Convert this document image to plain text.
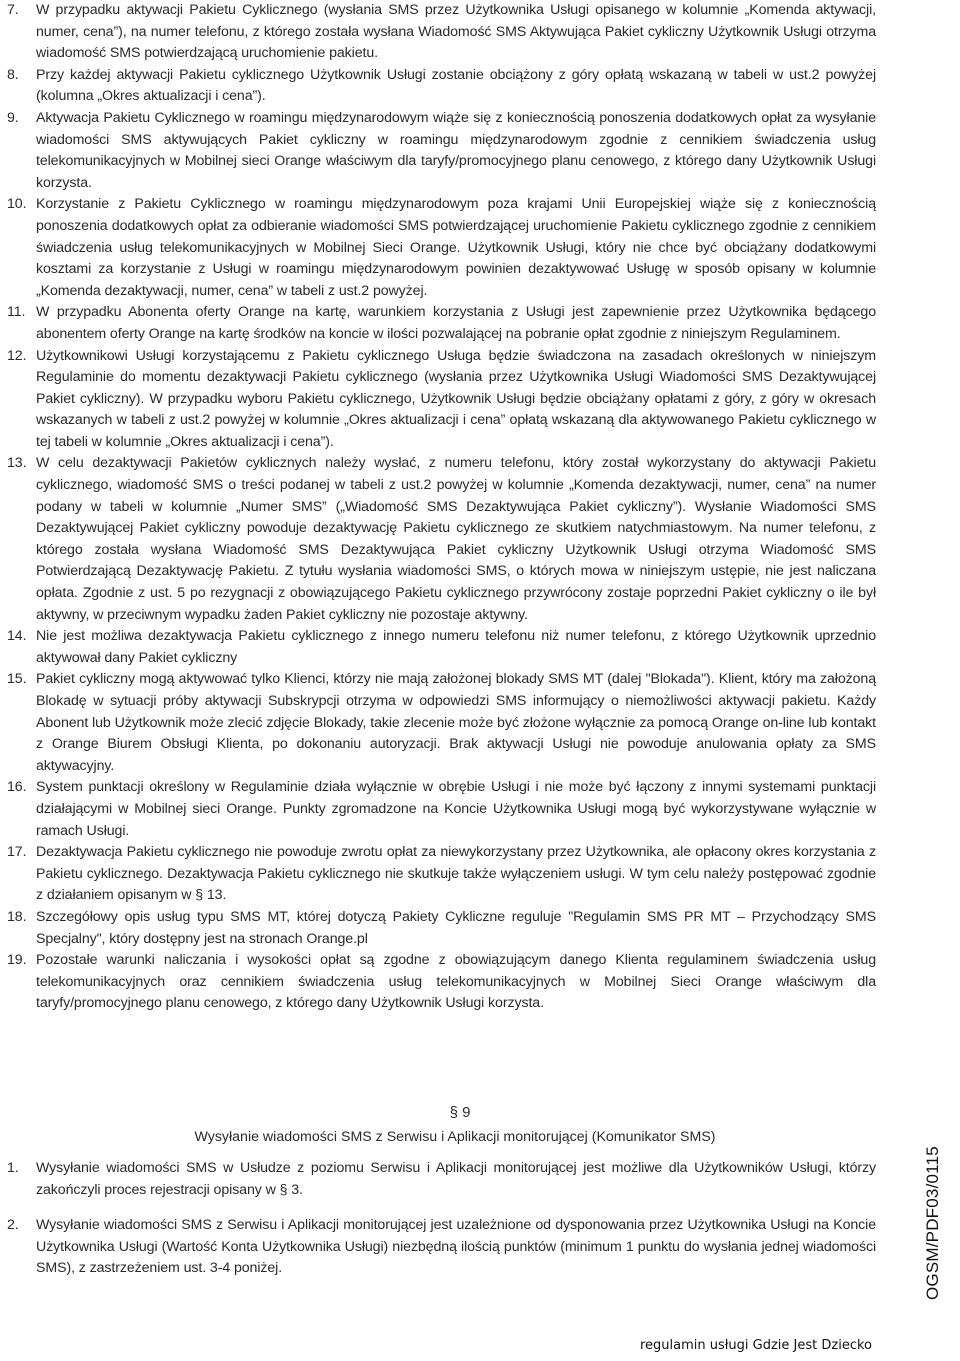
7. W przypadku aktywacji Pakietu Cyklicznego (wysłania SMS przez Użytkownika Usługi opisanego w kolumnie „Komenda aktywacji, numer, cena”), na numer telefonu, z którego została wysłana Wiadomość SMS Aktywująca Pakiet cykliczny Użytkownik Usługi otrzyma wiadomość SMS potwierdzającą uruchomienie pakietu.
8. Przy każdej aktywacji Pakietu cyklicznego Użytkownik Usługi zostanie obciążony z góry opłatą wskazaną w tabeli w ust.2 powyżej (kolumna „Okres aktualizacji i cena”).
9. Aktywacja Pakietu Cyklicznego w roamingu międzynarodowym wiąże się z koniecznością ponoszenia dodatkowych opłat za wysyłanie wiadomości SMS aktywujących Pakiet cykliczny w roamingu międzynarodowym zgodnie z cennikiem świadczenia usług telekomunikacyjnych w Mobilnej sieci Orange właściwym dla taryfy/promocyjnego planu cenowego, z którego dany Użytkownik Usługi korzysta.
10. Korzystanie z Pakietu Cyklicznego w roamingu międzynarodowym poza krajami Unii Europejskiej wiąże się z koniecznością ponoszenia dodatkowych opłat za odbieranie wiadomości SMS potwierdzającej uruchomienie Pakietu cyklicznego zgodnie z cennikiem świadczenia usług telekomunikacyjnych w Mobilnej Sieci Orange. Użytkownik Usługi, który nie chce być obciążany dodatkowymi kosztami za korzystanie z Usługi w roamingu międzynarodowym powinien dezaktywować Usługę w sposób opisany w kolumnie „Komenda dezaktywacji, numer, cena” w tabeli z ust.2 powyżej.
11. W przypadku Abonenta oferty Orange na kartę, warunkiem korzystania z Usługi jest zapewnienie przez Użytkownika będącego abonentem oferty Orange na kartę środków na koncie w ilości pozwalającej na pobranie opłat zgodnie z niniejszym Regulaminem.
12. Użytkownikowi Usługi korzystającemu z Pakietu cyklicznego Usługa będzie świadczona na zasadach określonych w niniejszym Regulaminie do momentu dezaktywacji Pakietu cyklicznego (wysłania przez Użytkownika Usługi Wiadomości SMS Dezaktywującej Pakiet cykliczny). W przypadku wyboru Pakietu cyklicznego, Użytkownik Usługi będzie obciążany opłatami z góry, z góry w okresach wskazanych w tabeli z ust.2 powyżej w kolumnie „Okres aktualizacji i cena” opłatą wskazaną dla aktywowanego Pakietu cyklicznego w tej tabeli w kolumnie „Okres aktualizacji i cena”).
13. W celu dezaktywacji Pakietów cyklicznych należy wysłać, z numeru telefonu, który został wykorzystany do aktywacji Pakietu cyklicznego, wiadomość SMS o treści podanej w tabeli z ust.2 powyżej w kolumnie „Komenda dezaktywacji, numer, cena” na numer podany w tabeli w kolumnie „Numer SMS” („Wiadomość SMS Dezaktywująca Pakiet cykliczny”). Wysłanie Wiadomości SMS Dezaktywującej Pakiet cykliczny powoduje dezaktywację Pakietu cyklicznego ze skutkiem natychmiastowym. Na numer telefonu, z którego została wysłana Wiadomość SMS Dezaktywująca Pakiet cykliczny Użytkownik Usługi otrzyma Wiadomość SMS Potwierdzającą Dezaktywację Pakietu. Z tytułu wysłania wiadomości SMS, o których mowa w niniejszym ustępie, nie jest naliczana opłata. Zgodnie z ust. 5 po rezygnacji z obowiązującego Pakietu cyklicznego przywrócony zostaje poprzedni Pakiet cykliczny o ile był aktywny, w przeciwnym wypadku żaden Pakiet cykliczny nie pozostaje aktywny.
14. Nie jest możliwa dezaktywacja Pakietu cyklicznego z innego numeru telefonu niż numer telefonu, z którego Użytkownik uprzednio aktywował dany Pakiet cykliczny
15. Pakiet cykliczny mogą aktywować tylko Klienci, którzy nie mają założonej blokady SMS MT (dalej "Blokada"). Klient, który ma założoną Blokadę w sytuacji próby aktywacji Subskrypcji otrzyma w odpowiedzi SMS informujący o niemożliwości aktywacji pakietu. Każdy Abonent lub Użytkownik może zlecić zdjęcie Blokady, takie zlecenie może być złożone wyłącznie za pomocą Orange on-line lub kontakt z Orange Biurem Obsługi Klienta, po dokonaniu autoryzacji. Brak aktywacji Usługi nie powoduje anulowania opłaty za SMS aktywacyjny.
16. System punktacji określony w Regulaminie działa wyłącznie w obrębie Usługi i nie może być łączony z innymi systemami punktacji działającymi w Mobilnej sieci Orange. Punkty zgromadzone na Koncie Użytkownika Usługi mogą być wykorzystywane wyłącznie w ramach Usługi.
17. Dezaktywacja Pakietu cyklicznego nie powoduje zwrotu opłat za niewykorzystany przez Użytkownika, ale opłacony okres korzystania z Pakietu cyklicznego. Dezaktywacja Pakietu cyklicznego nie skutkuje także wyłączeniem usługi. W tym celu należy postępować zgodnie z działaniem opisanym w § 13.
18. Szczegółowy opis usług typu SMS MT, której dotyczą Pakiety Cykliczne reguluje "Regulamin SMS PR MT – Przychodzący SMS Specjalny", który dostępny jest na stronach Orange.pl
19. Pozostałe warunki naliczania i wysokości opłat są zgodne z obowiązującym danego Klienta regulaminem świadczenia usług telekomunikacyjnych oraz cennikiem świadczenia usług telekomunikacyjnych w Mobilnej Sieci Orange właściwym dla taryfy/promocyjnego planu cenowego, z którego dany Użytkownik Usługi korzysta.
§ 9
Wysyłanie wiadomości SMS z Serwisu i Aplikacji monitorującej (Komunikator SMS)
1. Wysyłanie wiadomości SMS w Usłudze z poziomu Serwisu i Aplikacji monitorującej jest możliwe dla Użytkowników Usługi, którzy zakończyli proces rejestracji opisany w § 3.
2. Wysyłanie wiadomości SMS z Serwisu i Aplikacji monitorującej jest uzależnione od dysponowania przez Użytkownika Usługi na Koncie Użytkownika Usługi (Wartość Konta Użytkownika Usługi) niezbędną ilością punktów (minimum 1 punktu do wysłania jednej wiadomości SMS), z zastrzeżeniem ust. 3-4 poniżej.	OGSM/PDF03/0115
regulamin usługi Gdzie Jest Dziecko
